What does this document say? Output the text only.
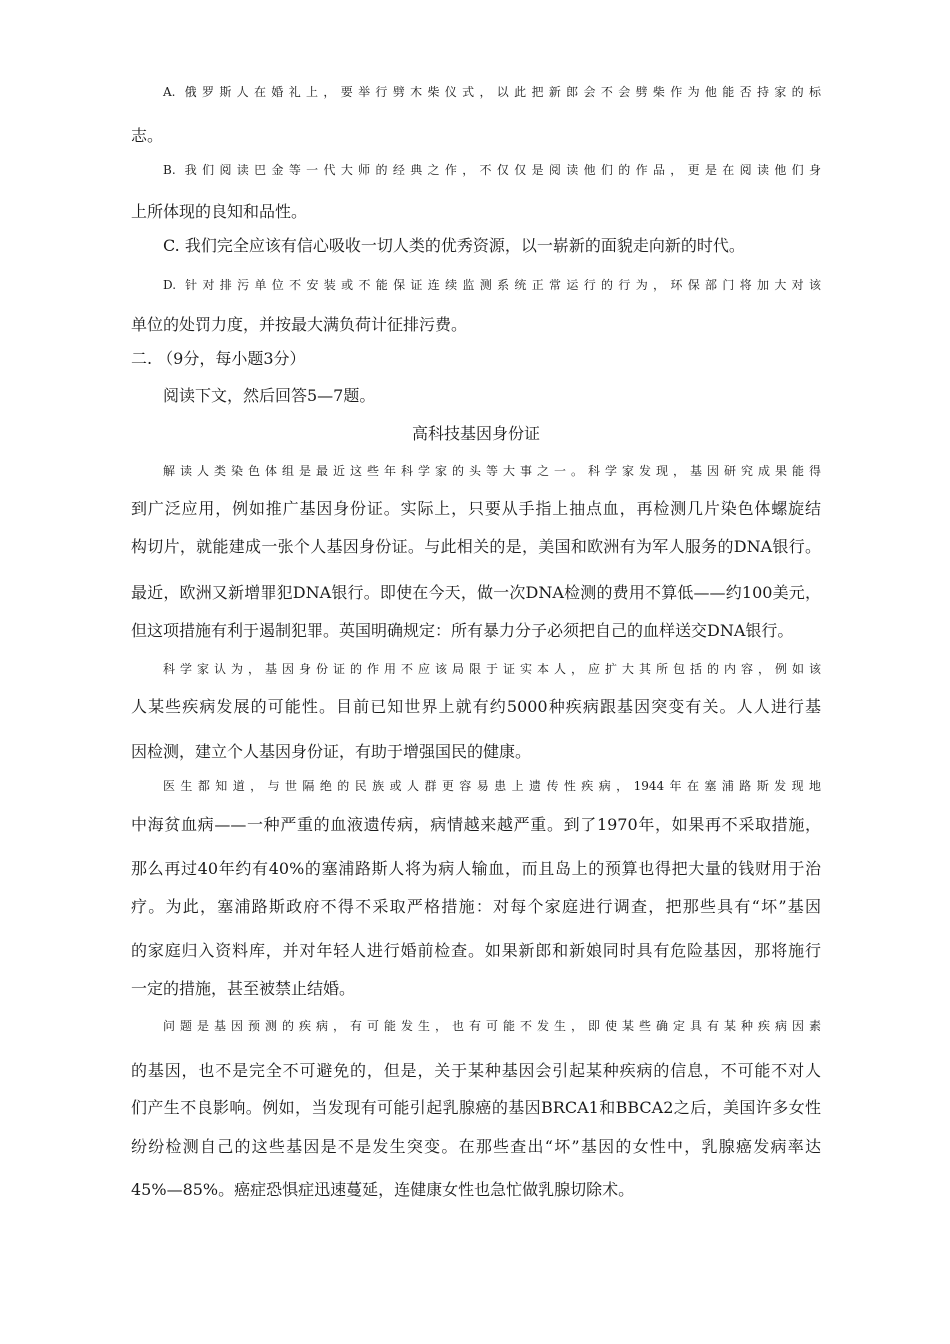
A. 俄罗斯人在婚礼上，要举行劈木柴仪式，以此把新郎会不会劈柴作为他能否持家的标
志。
B. 我们阅读巴金等一代大师的经典之作，不仅仅是阅读他们的作品，更是在阅读他们身
上所体现的良知和品性。
C. 我们完全应该有信心吸收一切人类的优秀资源，以一崭新的面貌走向新的时代。
D. 针对排污单位不安装或不能保证连续监测系统正常运行的行为，环保部门将加大对该
单位的处罚力度，并按最大满负荷计征排污费。
二. （9分，每小题3分）
阅读下文，然后回答5—7题。
高科技基因身份证
解读人类染色体组是最近这些年科学家的头等大事之一。科学家发现，基因研究成果能得
到广泛应用，例如推广基因身份证。实际上，只要从手指上抽点血，再检测几片染色体螺旋结
构切片，就能建成一张个人基因身份证。与此相关的是，美国和欧洲有为军人服务的DNA银行。
最近，欧洲又新增罪犯DNA银行。即使在今天，做一次DNA检测的费用不算低——约100美元，
但这项措施有利于遏制犯罪。英国明确规定：所有暴力分子必须把自己的血样送交DNA银行。
科学家认为，基因身份证的作用不应该局限于证实本人，应扩大其所包括的内容，例如该
人某些疾病发展的可能性。目前已知世界上就有约5000种疾病跟基因突变有关。人人进行基
因检测，建立个人基因身份证，有助于增强国民的健康。
医生都知道，与世隔绝的民族或人群更容易患上遗传性疾病，1944年在塞浦路斯发现地
中海贫血病——一种严重的血液遗传病，病情越来越严重。到了1970年，如果再不采取措施，
那么再过40年约有40%的塞浦路斯人将为病人输血，而且岛上的预算也得把大量的钱财用于治
疗。为此，塞浦路斯政府不得不采取严格措施：对每个家庭进行调查，把那些具有“坏”基因
的家庭归入资料库，并对年轻人进行婚前检查。如果新郎和新娘同时具有危险基因，那将施行
一定的措施，甚至被禁止结婚。
问题是基因预测的疾病，有可能发生，也有可能不发生，即使某些确定具有某种疾病因素
的基因，也不是完全不可避免的，但是，关于某种基因会引起某种疾病的信息，不可能不对人
们产生不良影响。例如，当发现有可能引起乳腺癌的基因BRCA1和BBCA2之后，美国许多女性
纷纷检测自己的这些基因是不是发生突变。在那些查出“坏”基因的女性中，乳腺癌发病率达
45%—85%。癌症恐惧症迅速蔓延，连健康女性也急忙做乳腺切除术。
